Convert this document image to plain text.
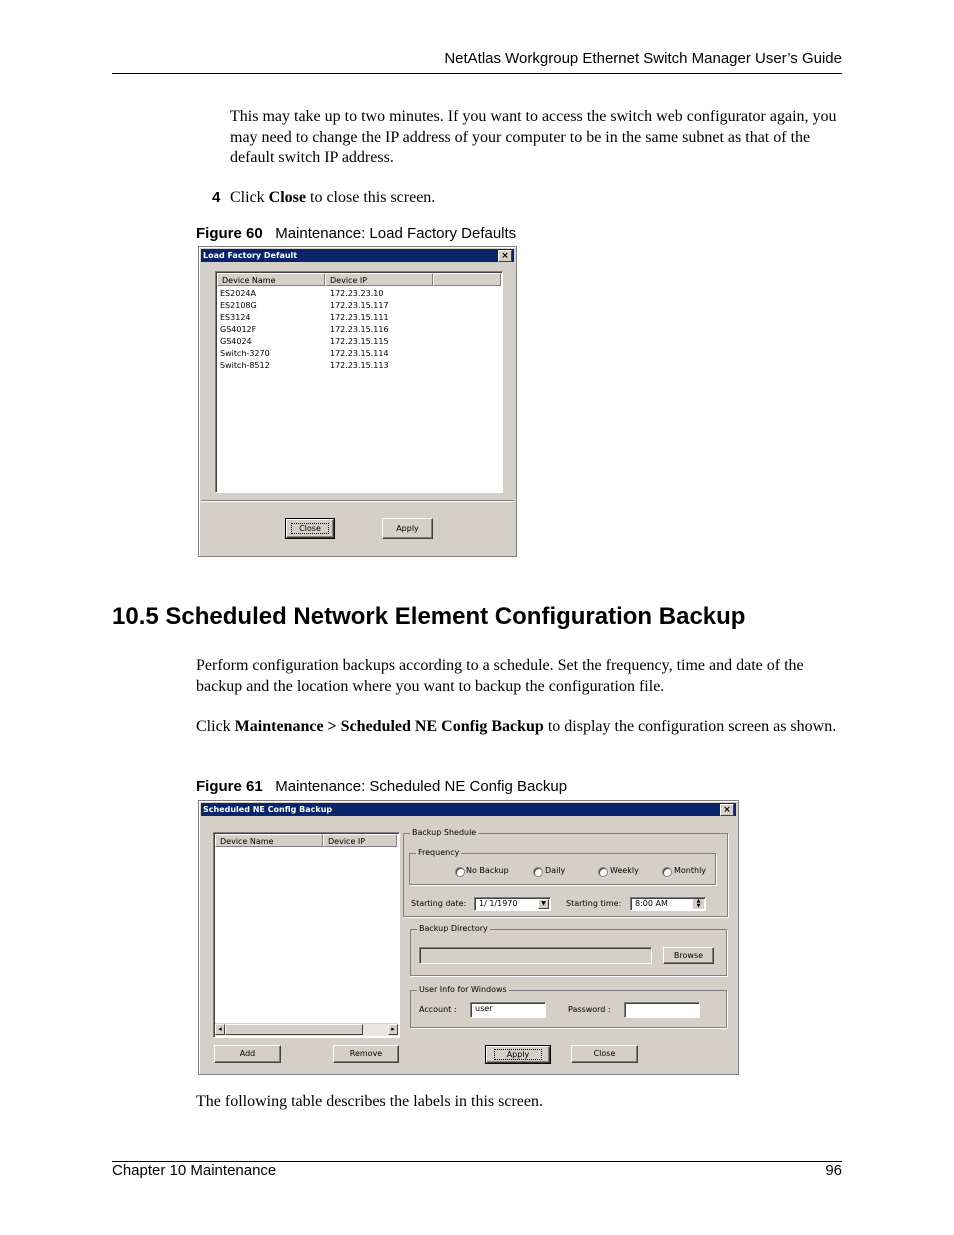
NetAtlas Workgroup Ethernet Switch Manager User’s Guide
This may take up to two minutes. If you want to access the switch web configurator again, you may need to change the IP address of your computer to be in the same subnet as that of the default switch IP address.
4 Click Close to close this screen.
Figure 60 Maintenance: Load Factory Defaults
Load Factory Default	×
Device Name	Device IP
ES2024A	172.23.23.10
ES2108G	172.23.15.117
ES3124	172.23.15.111
GS4012F	172.23.15.116
GS4024	172.23.15.115
Switch-3270	172.23.15.114
Switch-8512	172.23.15.113
Close	Apply
10.5 Scheduled Network Element Configuration Backup
Perform configuration backups according to a schedule. Set the frequency, time and date of the backup and the location where you want to backup the configuration file.
Click Maintenance > Scheduled NE Config Backup to display the configuration screen as shown.
Figure 61 Maintenance: Scheduled NE Config Backup
Scheduled NE Config Backup	×
Device Name	Device IP
◂	▸
Backup Shedule
Frequency
No Backup	Daily	Weekly	Monthly
Starting date:	1/ 1/1970	▼	Starting time:	8:00 AM	▲
▼
Backup Directory
Browse
User Info for Windows
Account :	user	Password :
Add	Remove	Apply	Close
The following table describes the labels in this screen.
Chapter 10 Maintenance	96
